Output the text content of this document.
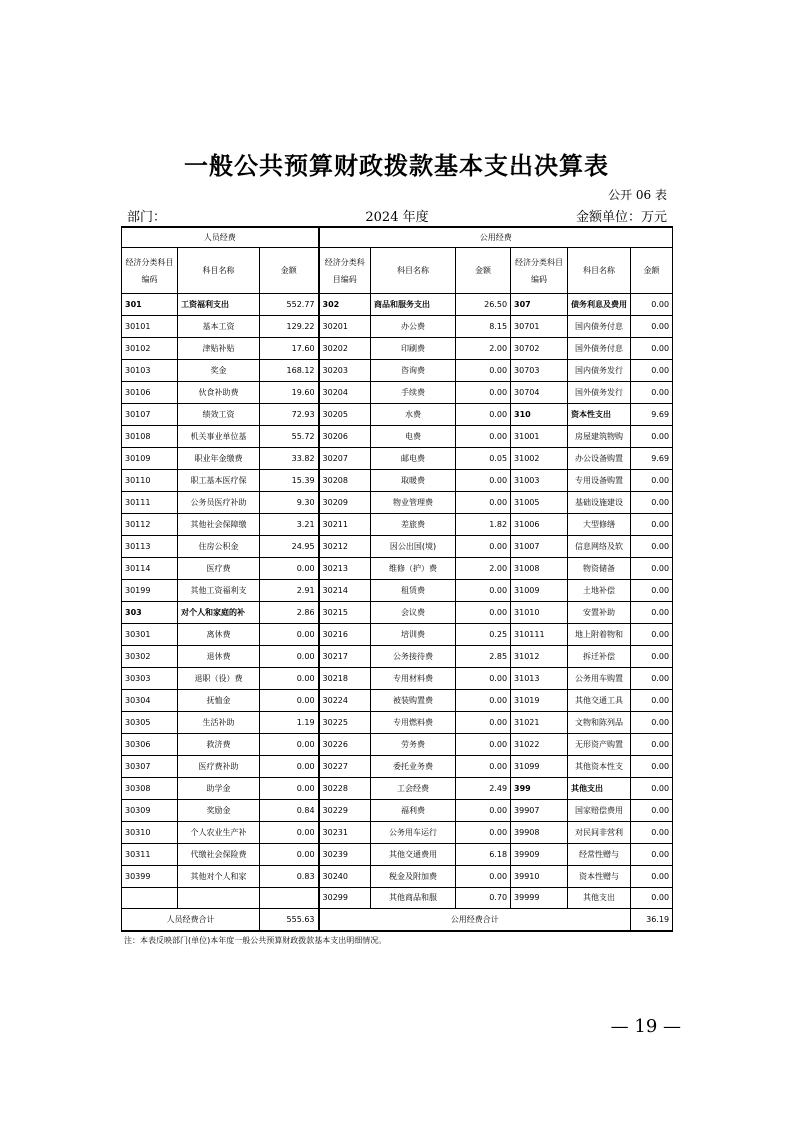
一般公共预算财政拨款基本支出决算表
公开 06 表
部门：	2024 年度	金额单位：万元
人员经费			公用经费					
经济分类科目编码	科目名称	金额	经济分类科目编码	科目名称	金额	经济分类科目编码	科目名称	金额
301	工资福利支出	552.77	302	商品和服务支出	26.50	307	债务利息及费用	0.00
30101	基本工资	129.22	30201	办公费	8.15	30701	国内债务付息	0.00
30102	津贴补贴	17.60	30202	印刷费	2.00	30702	国外债务付息	0.00
30103	奖金	168.12	30203	咨询费	0.00	30703	国内债务发行	0.00
30106	伙食补助费	19.60	30204	手续费	0.00	30704	国外债务发行	0.00
30107	绩效工资	72.93	30205	水费	0.00	310	资本性支出	9.69
30108	机关事业单位基	55.72	30206	电费	0.00	31001	房屋建筑物购	0.00
30109	职业年金缴费	33.82	30207	邮电费	0.05	31002	办公设备购置	9.69
30110	职工基本医疗保	15.39	30208	取暖费	0.00	31003	专用设备购置	0.00
30111	公务员医疗补助	9.30	30209	物业管理费	0.00	31005	基础设施建设	0.00
30112	其他社会保障缴	3.21	30211	差旅费	1.82	31006	大型修缮	0.00
30113	住房公积金	24.95	30212	因公出国(境)	0.00	31007	信息网络及软	0.00
30114	医疗费	0.00	30213	维修（护）费	2.00	31008	物资储备	0.00
30199	其他工资福利支	2.91	30214	租赁费	0.00	31009	土地补偿	0.00
303	对个人和家庭的补	2.86	30215	会议费	0.00	31010	安置补助	0.00
30301	离休费	0.00	30216	培训费	0.25	310111	地上附着物和	0.00
30302	退休费	0.00	30217	公务接待费	2.85	31012	拆迁补偿	0.00
30303	退职（役）费	0.00	30218	专用材料费	0.00	31013	公务用车购置	0.00
30304	抚恤金	0.00	30224	被装购置费	0.00	31019	其他交通工具	0.00
30305	生活补助	1.19	30225	专用燃料费	0.00	31021	文物和陈列品	0.00
30306	救济费	0.00	30226	劳务费	0.00	31022	无形资产购置	0.00
30307	医疗费补助	0.00	30227	委托业务费	0.00	31099	其他资本性支	0.00
30308	助学金	0.00	30228	工会经费	2.49	399	其他支出	0.00
30309	奖励金	0.84	30229	福利费	0.00	39907	国家赔偿费用	0.00
30310	个人农业生产补	0.00	30231	公务用车运行	0.00	39908	对民间非营利	0.00
30311	代缴社会保险费	0.00	30239	其他交通费用	6.18	39909	经常性赠与	0.00
30399	其他对个人和家	0.83	30240	税金及附加费	0.00	39910	资本性赠与	0.00
			30299	其他商品和服	0.70	39999	其他支出	0.00
人员经费合计		555.63	公用经费合计					36.19
注：本表反映部门(单位)本年度一般公共预算财政拨款基本支出明细情况。
— 19 —
